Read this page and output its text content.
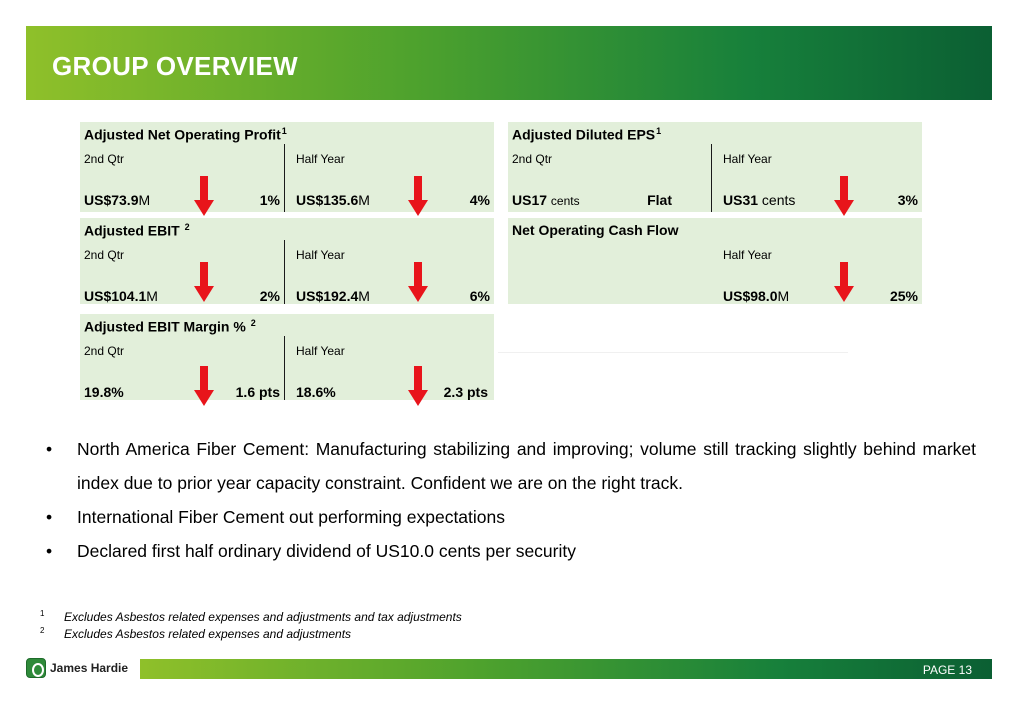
GROUP OVERVIEW
Adjusted Net Operating Profit$^1$
2nd Qtr	Half Year
US$73.9M	1% US$135.6M	4%
Adjusted Diluted EPS$^1$
2nd Qtr	Half Year
US17 cents	Flat	US31 cents	3%
Adjusted EBIT $^2$
2nd Qtr	Half Year
US$104.1M	2% US$192.4M	6%
Net Operating Cash Flow
Half Year
US$98.0M	25%
Adjusted EBIT Margin % $^2$
2nd Qtr	Half Year
19.8%	1.6 pts 18.6%	2.3 pts
• North America Fiber Cement: Manufacturing stabilizing and improving; volume still tracking slightly behind market index due to prior year capacity constraint. Confident we are on the right track.
• International Fiber Cement out performing expectations
• Declared first half ordinary dividend of US10.0 cents per security
1 Excludes Asbestos related expenses and adjustments and tax adjustments
2 Excludes Asbestos related expenses and adjustments
James Hardie	PAGE 13
